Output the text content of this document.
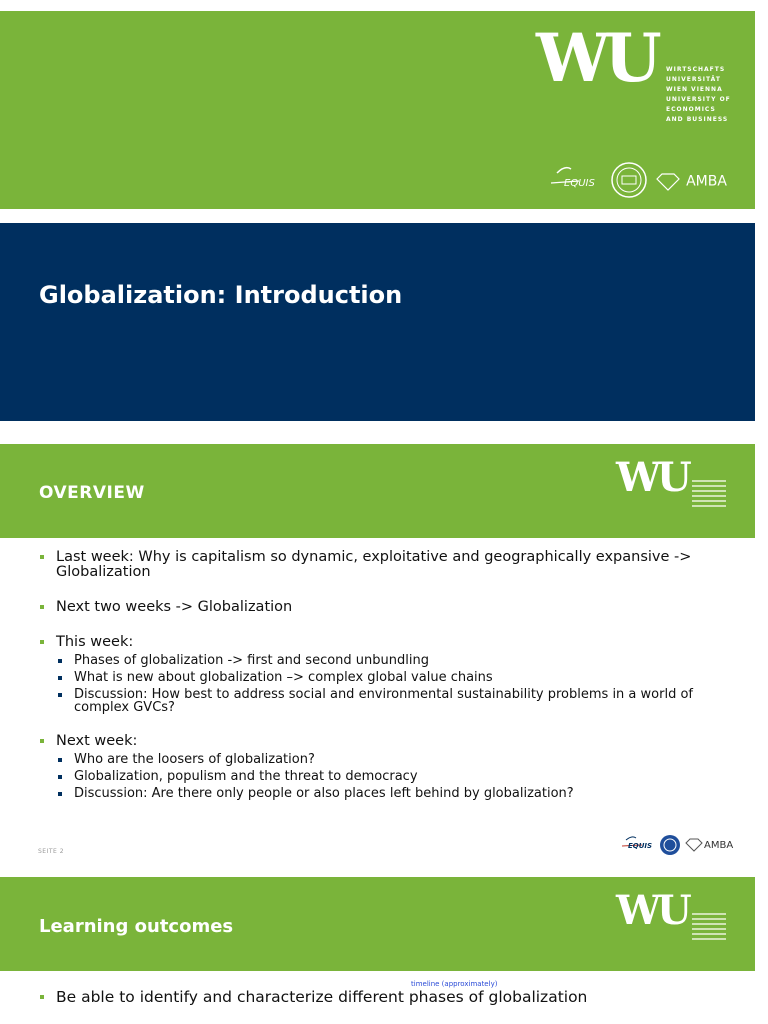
WU WIRTSCHAFTS
UNIVERSITÄT
WIEN VIENNA
UNIVERSITY OF
ECONOMICS
AND BUSINESS
EQUIS	AMBA
Globalization: Introduction
OVERVIEW	WU
Last week: Why is capitalism so dynamic, exploitative and geographically expansive -> Globalization
Next two weeks -> Globalization
This week:
Phases of globalization -> first and second unbundling
What is new about globalization –> complex global value chains
Discussion: How best to address social and environmental sustainability problems in a world of complex GVCs?
Next week:
Who are the loosers of globalization?
Globalization, populism and the threat to democracy
Discussion: Are there only people or also places left behind by globalization?
SEITE 2
EQUIS	AMBA
Learning outcomes	WU
timeline (approximately)
Be able to identify and characterize different phases of globalization
